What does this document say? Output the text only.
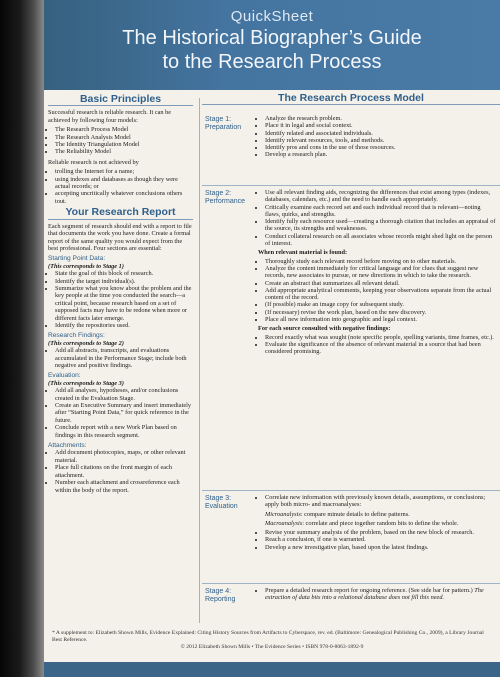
QuickSheet
The Historical Biographer’s Guide
to the Research Process
Basic Principles

Successful research is reliable research. It can be achieved by following four models:

• The Research Process Model
• The Research Analysis Model
• The Identity Triangulation Model
• The Reliability Model

Reliable research is not achieved by

• trolling the Internet for a name;
• using indexes and databases as though they were actual records; or
• accepting uncritically whatever conclusions others tout.
Your Research Report

Each segment of research should end with a report to file that documents the work you have done. Create a formal report of the same quality you would expect from the best professional. Four sections are essential:

Starting Point Data:
(This corresponds to Stage 1)
• State the goal of this block of research.
• Identify the target individual(s).
• Summarize what you know about the problem and the key people at the time you conducted the search—a critical point, because research based on a set of supposed facts may have to be redone when more or different facts later emerge.
• Identify the repositories used.
Research Findings:
(This corresponds to Stage 2)
• Add all abstracts, transcripts, and evaluations accumulated in the Performance Stage; include both negative and positive findings.
Evaluation:
(This corresponds to Stage 3)
• Add all analyses, hypotheses, and/or conclusions created in the Evaluation Stage.
• Create an Executive Summary and insert immediately after “Starting Point Data,” for quick reference in the future.
• Conclude report with a new Work Plan based on findings in this research segment.
Attachments:
• Add document photocopies, maps, or other relevant material.
• Place full citations on the front margin of each attachment.
• Number each attachment and crossreference each within the body of the report.
The Research Process Model
Stage 1: Preparation
• Analyze the research problem.
• Place it in legal and social context.
• Identify related and associated individuals.
• Identify relevant resources, tools, and methods.
• Identify pros and cons in the use of those resources.
• Develop a research plan.
Stage 2: Performance
• Use all relevant finding aids, recognizing the differences that exist among types (indexes, databases, calendars, etc.) and the need to handle each appropriately.
• Critically examine each record set and each individual record that is relevant—noting flaws, quirks, and strengths.
• Identify fully each resource used—creating a thorough citation that includes an appraisal of the source, its strengths and weaknesses.
• Conduct collateral research on all associates whose records might shed light on the person of interest.
When relevant material is found:
• Thoroughly study each relevant record before moving on to other materials.
• Analyze the content immediately for critical language and for clues that suggest new records, new associates to pursue, or new directions in which to take the research.
• Create an abstract that summarizes all relevant detail.
• Add appropriate analytical comments, keeping your observations separate from the actual content of the record.
• (If possible) make an image copy for subsequent study.
• (If necessary) revise the work plan, based on the new discovery.
• Place all new information into geographic and legal context.
For each source consulted with negative findings:
• Record exactly what was sought (note specific people, spelling variants, time frames, etc.).
• Evaluate the significance of the absence of relevant material in a source that had been considered promising.
Stage 3: Evaluation
• Correlate new information with previously known details, assumptions, or conclusions; apply both micro- and macroanalyses:

Microanalysis: compare minute details to define patterns.

Macroanalysis: correlate and piece together random bits to define the whole.

• Revise your summary analysis of the problem, based on the new block of research.
• Reach a conclusion, if one is warranted.
• Develop a new investigative plan, based upon the latest findings.
Stage 4: Reporting
• Prepare a detailed research report for ongoing reference. (See side bar for pattern.) The extraction of data bits into a relational database does not fill this need.
* A supplement to: Elizabeth Shown Mills, Evidence Explained: Citing History Sources from Artifacts to Cyberspace, rev. ed. (Baltimore: Genealogical Publishing Co., 2009), a Library Journal Best Reference.
© 2012 Elizabeth Shown Mills • The Evidence Series • ISBN 978-0-8063-1892-9
